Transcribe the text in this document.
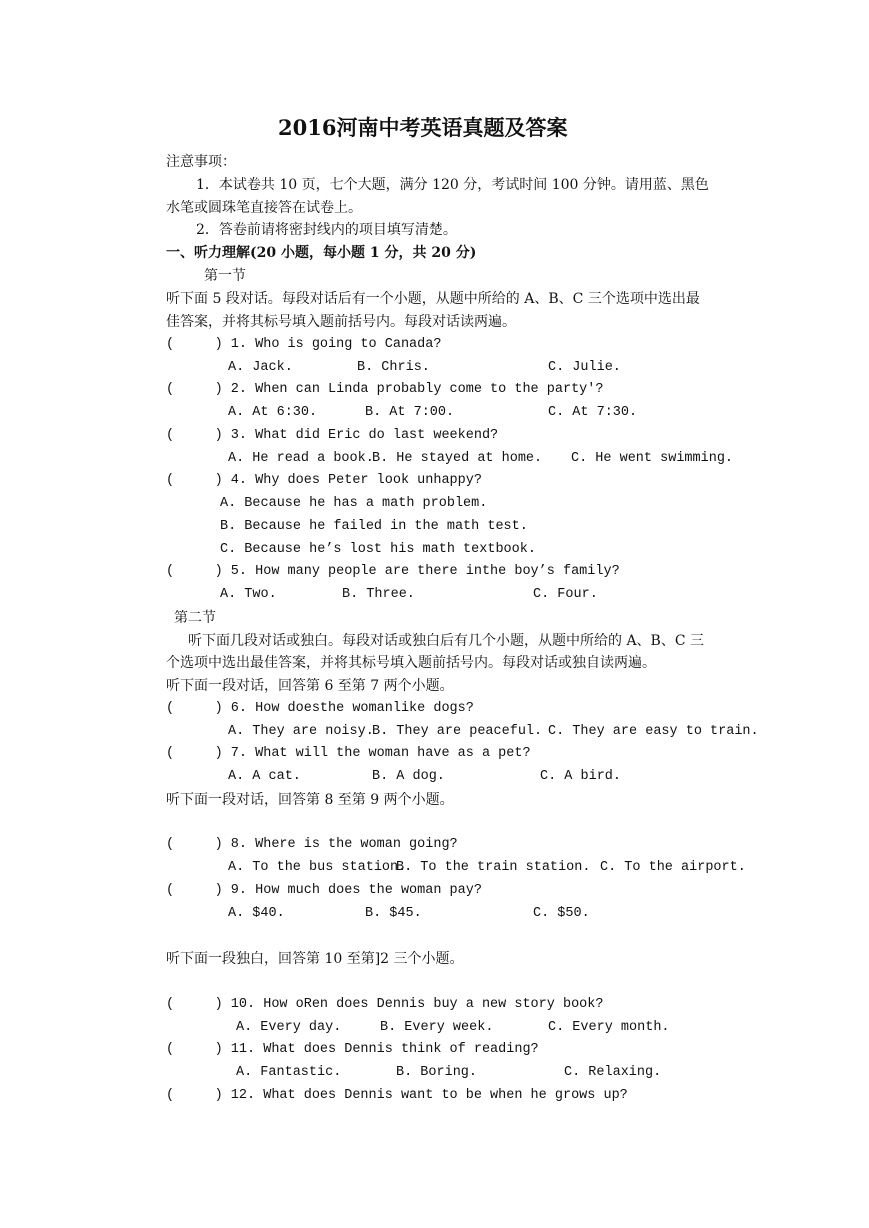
2016河南中考英语真题及答案
注意事项：
1．本试卷共 10 页，七个大题，满分 120 分，考试时间 100 分钟。请用蓝、黑色
水笔或圆珠笔直接答在试卷上。
2．答卷前请将密封线内的项目填写清楚。
一、听力理解(20 小题，每小题 1 分，共 20 分)
第一节
听下面 5 段对话。每段对话后有一个小题，从题中所给的 A、B、C 三个选项中选出最
佳答案，并将其标号填入题前括号内。每段对话读两遍。
(     ) 1. Who is going to Canada?
A. Jack.	B. Chris.	C. Julie.
(     ) 2. When can Linda probably come to the party'?
A. At 6:30.	B. At 7:00.	C. At 7:30.
(     ) 3. What did Eric do last weekend?
A. He read a book.
B. He stayed at home. C. He went swimming.
(     ) 4. Why does Peter look unhappy?
A. Because he has a math problem.
B. Because he failed in the math test.
C. Because he’s lost his math textbook.
(     ) 5. How many people are there inthe boy’s family?
A. Two.	B. Three.	C. Four.
第二节
听下面几段对话或独白。每段对话或独白后有几个小题，从题中所给的 A、B、C 三
个选项中选出最佳答案，并将其标号填入题前括号内。每段对话或独自读两遍。
听下面一段对话，回答第 6 至第 7 两个小题。
(     ) 6. How doesthe womanlike dogs?
A. They are noisy.
B. They are peaceful. C. They are easy to train.
(     ) 7. What will the woman have as a pet?
A. A cat.	B. A dog.	C. A bird.
听下面一段对话，回答第 8 至第 9 两个小题。
(     ) 8. Where is the woman going?
A. To the bus station.
B. To the train station. C. To the airport.
(     ) 9. How much does the woman pay?
A. $40.	B. $45.	C. $50.
听下面一段独白，回答第 10 至第]2 三个小题。
(     ) 10. How oRen does Dennis buy a new story book?
A. Every day.	B. Every week.	C. Every month.
(     ) 11. What does Dennis think of reading?
A. Fantastic.	B. Boring.	C. Relaxing.
(     ) 12. What does Dennis want to be when he grows up?
